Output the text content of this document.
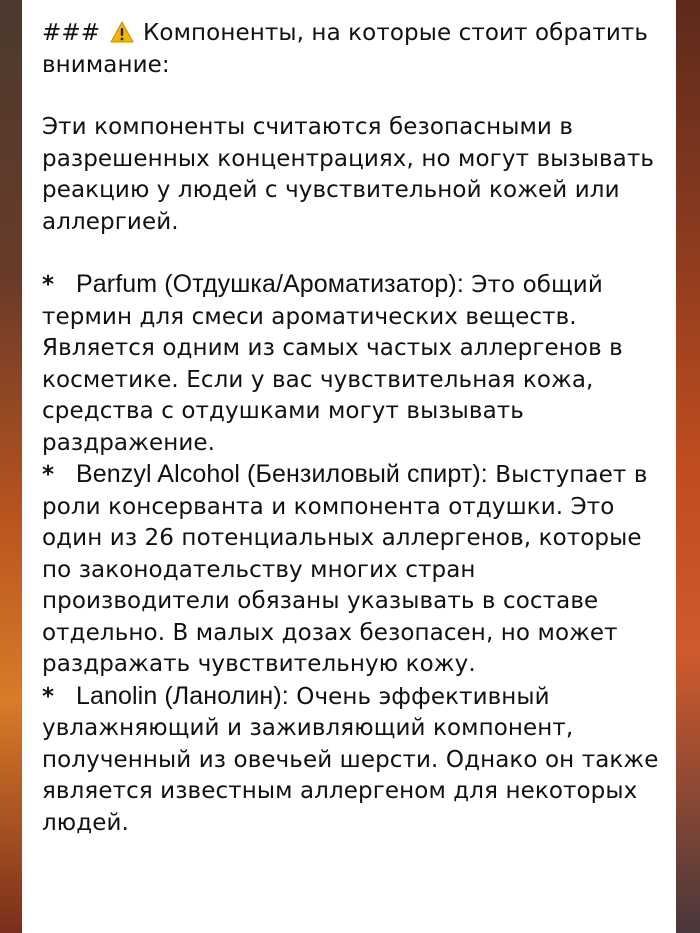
### Компоненты, на которые стоит обратить внимание:

Эти компоненты считаются безопасными в разрешенных концентрациях, но могут вызывать реакцию у людей с чувствительной кожей или аллергией.

* Parfum (Отдушка/Ароматизатор): Это общий термин для смеси ароматических веществ. Является одним из самых частых аллергенов в косметике. Если у вас чувствительная кожа, средства с отдушками могут вызывать раздражение.

* Benzyl Alcohol (Бензиловый спирт): Выступает в роли консерванта и компонента отдушки. Это один из 26 потенциальных аллергенов, которые по законодательству многих стран производители обязаны указывать в составе отдельно. В малых дозах безопасен, но может раздражать чувствительную кожу.

* Lanolin (Ланолин): Очень эффективный увлажняющий и заживляющий компонент, полученный из овечьей шерсти. Однако он также является известным аллергеном для некоторых людей.
